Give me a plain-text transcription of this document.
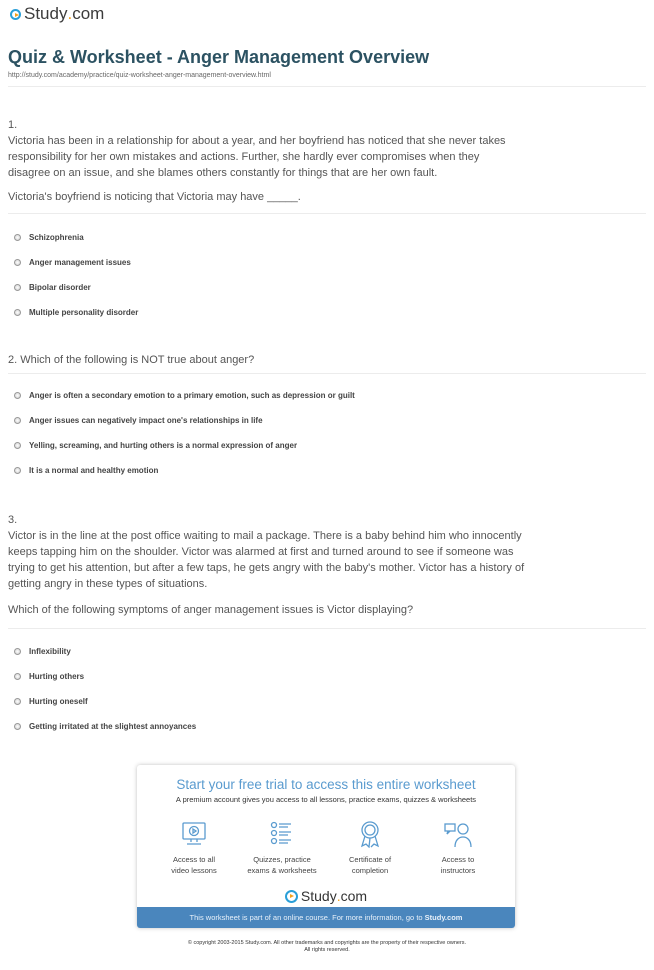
Study . com
Quiz & Worksheet - Anger Management Overview
http://study.com/academy/practice/quiz-worksheet-anger-management-overview.html
1.
Victoria has been in a relationship for about a year, and her boyfriend has noticed that she never takes responsibility for her own mistakes and actions. Further, she hardly ever compromises when they disagree on an issue, and she blames others constantly for things that are her own fault.
Victoria's boyfriend is noticing that Victoria may have _____.
Schizophrenia
Anger management issues
Bipolar disorder
Multiple personality disorder
2. Which of the following is NOT true about anger?
Anger is often a secondary emotion to a primary emotion, such as depression or guilt
Anger issues can negatively impact one's relationships in life
Yelling, screaming, and hurting others is a normal expression of anger
It is a normal and healthy emotion
3.
Victor is in the line at the post office waiting to mail a package. There is a baby behind him who innocently keeps tapping him on the shoulder. Victor was alarmed at first and turned around to see if someone was trying to get his attention, but after a few taps, he gets angry with the baby's mother. Victor has a history of getting angry in these types of situations.
Which of the following symptoms of anger management issues is Victor displaying?
Inflexibility
Hurting others
Hurting oneself
Getting irritated at the slightest annoyances
Start your free trial to access this entire worksheet
A premium account gives you access to all lessons, practice exams, quizzes & worksheets
Access to all
video lessons
Quizzes, practice
exams & worksheets
Certificate of
completion
Access to
instructors
Study . com
This worksheet is part of an online course. For more information, go to Study.com
© copyright 2003-2015 Study.com. All other trademarks and copyrights are the property of their respective owners.
All rights reserved.
